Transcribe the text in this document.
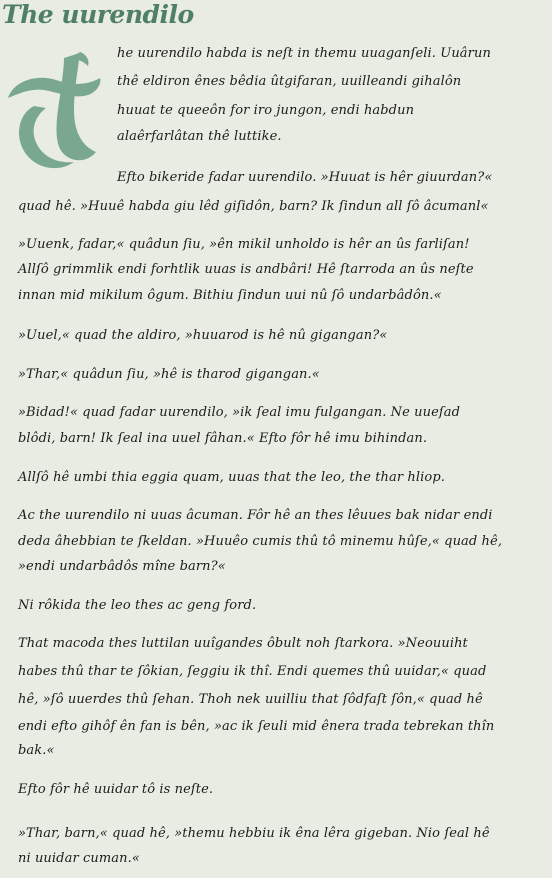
The uurendilo
he uurendilo habda is neſt in themu uuaganſeli. Uuârun
thê eldiron ênes bêdia ûtgifaran, uuilleandi gihalôn
huuat te queeôn for iro jungon, endi habdun
alaêrfarlâtan thê luttike.
Efto bikeride fadar uurendilo. »Huuat is hêr giuurdan?«
quad hê. »Huuê habda giu lêd giſidôn, barn? Ik ſindun all ſô âcumanl«
»Uuenk, fadar,« quâdun ſiu, »ên mikil unholdo is hêr an ûs farliſan!
Allſô grimmlik endi forhtlik uuas is andbâri! Hê ſtarroda an ûs neſte
innan mid mikilum ôgum. Bithiu ſindun uui nû ſô undarbâdôn.«
»Uuel,« quad the aldiro, »huuarod is hê nû gigangan?«
»Thar,« quâdun ſiu, »hê is tharod gigangan.«
»Bidad!« quad fadar uurendilo, »ik ſeal imu fulgangan. Ne uueſad
blôdi, barn! Ik ſeal ina uuel fâhan.« Efto fôr hê imu bihindan.
Allſô hê umbi thia eggia quam, uuas that the leo, the thar hliop.
Ac the uurendilo ni uuas âcuman. Fôr hê an thes lêuues bak nidar endi
deda âhebbian te ſkeldan. »Huuêo cumis thû tô minemu hûſe,« quad hê,
»endi undarbâdôs mîne barn?«
Ni rôkida the leo thes ac geng ford.
That macoda thes luttilan uuîgandes ôbult noh ſtarkora. »Neouuiht
habes thû thar te ſôkian, ſeggiu ik thî. Endi quemes thû uuidar,« quad
hê, »ſô uuerdes thû ſehan. Thoh nek uuilliu that ſôdfaſt ſôn,« quad hê
endi efto gihôf ên fan is bên, »ac ik ſeuli mid ênera trada tebrekan thîn
bak.«
Efto fôr hê uuidar tô is neſte.
»Thar, barn,« quad hê, »themu hebbiu ik êna lêra gigeban. Nio ſeal hê
ni uuidar cuman.«
